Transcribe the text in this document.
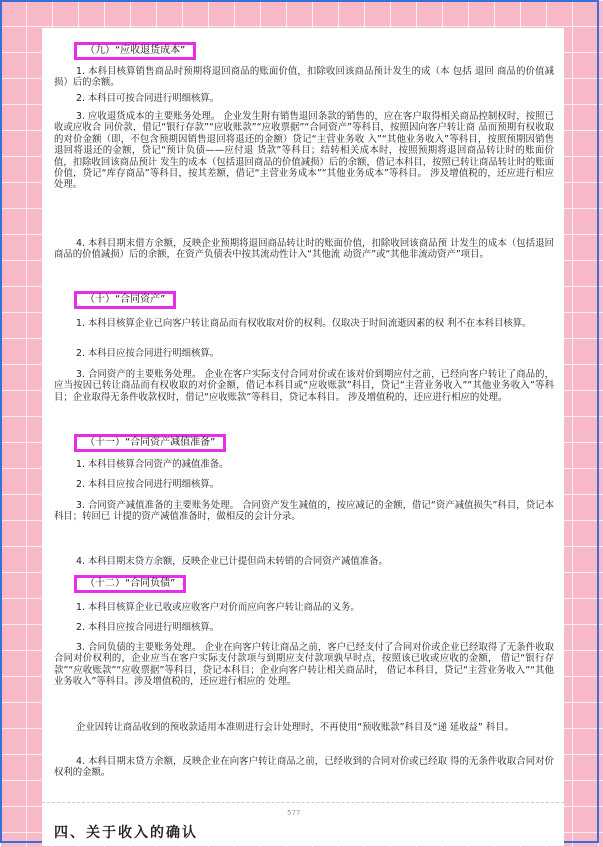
（九）“应收退货成本”

1. 本科目核算销售商品时预期将退回商品的账面价值，扣除收回该商品预计发生的成（本 包括 退回 商品的价值减损）后的余额。

2. 本科目可按合同进行明细核算。

3. 应收退货成本的主要账务处理。 企业发生附有销售退回条款的销售的，应在客户取得相关商品控制权时，按照已收或应收合 同价款，借记“银行存款”“应收账款”“应收票据”“合同资产”等科目，按照因向客户转让商 品而预期有权收取的对价金额（即，不包含预期因销售退回将退还的金额）贷记“主营业务收 入”“其他业务收入”等科目，按照预期因销售退回将退还的金额，贷记“预计负债——应付退 货款”等科目；结转相关成本时，按照预期将退回商品转让时的账面价值，扣除收回该商品预计 发生的成本（包括退回商品的价值减损）后的余额，借记本科目，按照已转让商品转让时的账面 价值，贷记“库存商品”等科目，按其差额，借记“主营业务成本”“其他业务成本”等科目。 涉及增值税的，还应进行相应处理。

4. 本科目期末借方余额，反映企业预期将退回商品转让时的账面价值，扣除收回该商品预 计发生的成本（包括退回商品的价值减损）后的余额，在资产负债表中按其流动性计入“其他流 动资产”或“其他非流动资产”项目。

（十）“合同资产”

1. 本科目核算企业已向客户转让商品而有权收取对价的权利。仅取决于时间流逝因素的权 利不在本科目核算。

2. 本科目应按合同进行明细核算。

3. 合同资产的主要账务处理。 企业在客户实际支付合同对价或在该对价到期应付之前，已经向客户转让了商品的，应当按因已转让商品而有权收取的对价金额，借记本科目或“应收账款”科目，贷记“主营业务收入”“其他业务收入”等科目；企业取得无条件收款权时，借记“应收账款”等科目，贷记本科目。 涉及增值税的，还应进行相应的处理。

（十一）“合同资产减值准备”

1. 本科目核算合同资产的减值准备。

2. 本科目应按合同进行明细核算。

3. 合同资产减值准备的主要账务处理。 合同资产发生减值的，按应减记的金额，借记“资产减值损失”科目，贷记本科目；转回已 计提的资产减值准备时，做相反的会计分录。

4. 本科目期末贷方余额，反映企业已计提但尚未转销的合同资产减值准备。

（十二）“合同负债”

1. 本科目核算企业已收或应收客户对价而应向客户转让商品的义务。

2. 本科目应按合同进行明细核算。

3. 合同负债的主要账务处理。 企业在向客户转让商品之前，客户已经支付了合同对价或企业已经取得了无条件收取合同对价权利的，企业应当在客户实际支付款项与到期应支付款项孰早时点，按照该已收或应收的金额， 借记“银行存款”“应收账款”“应收票据”等科目，贷记本科目；企业向客户转让相关商品时， 借记本科目，贷记“主营业务收入”“其他业务收入”等科目。涉及增值税的，还应进行相应的 处理。

企业因转让商品收到的预收款适用本准则进行会计处理时，不再使用“预收账款”科目及“递 延收益” 科目。

4. 本科目期末贷方余额，反映企业在向客户转让商品之前，已经收到的合同对价或已经取 得的无条件收取合同对价权利的金额。

577
四、关于收入的确认
